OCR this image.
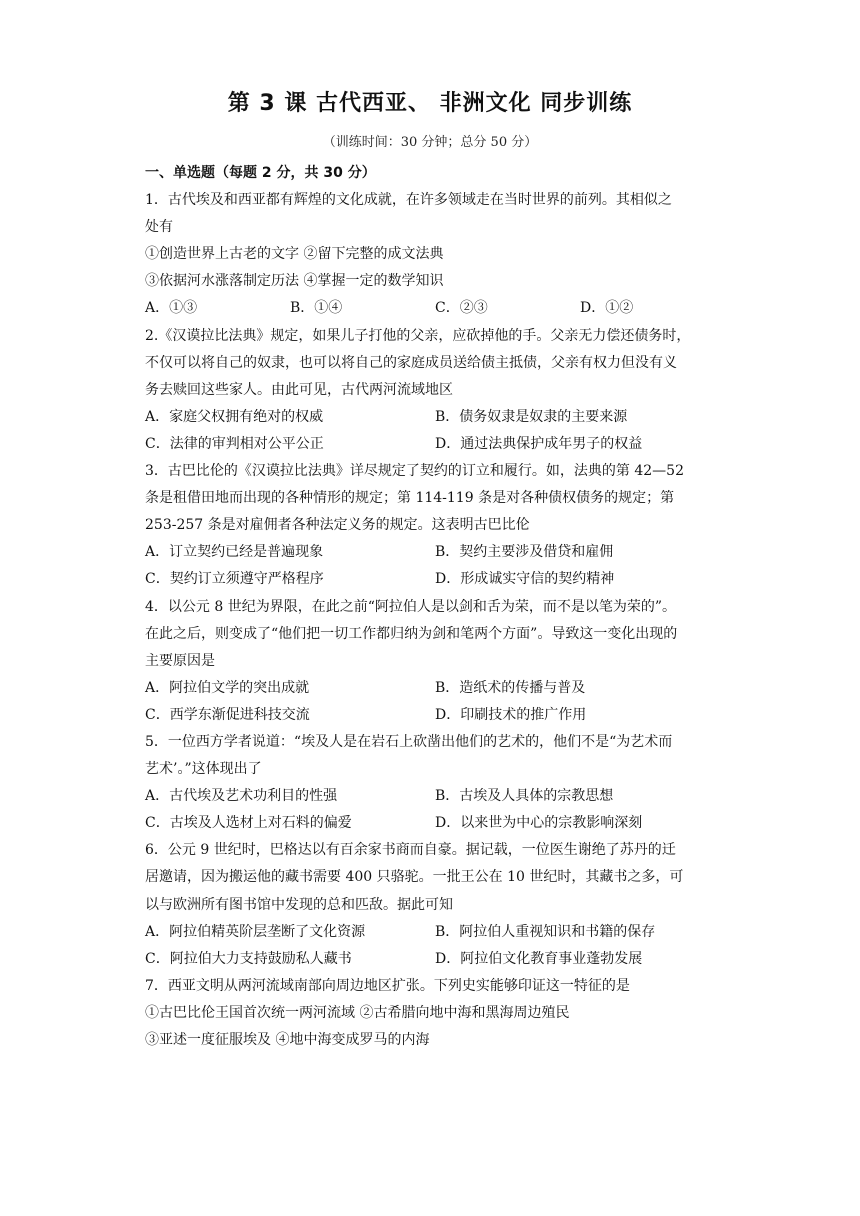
第 3 课 古代西亚、 非洲文化 同步训练
（训练时间：30 分钟；总分 50 分）
一、单选题（每题 2 分，共 30 分）
1．古代埃及和西亚都有辉煌的文化成就，在许多领域走在当时世界的前列。其相似之
处有
①创造世界上古老的文字 ②留下完整的成文法典
③依据河水涨落制定历法 ④掌握一定的数学知识
A．①③	B．①④	C．②③	D．①②
2.《汉谟拉比法典》规定，如果儿子打他的父亲，应砍掉他的手。父亲无力偿还债务时，
不仅可以将自己的奴隶，也可以将自己的家庭成员送给债主抵债，父亲有权力但没有义
务去赎回这些家人。由此可见，古代两河流域地区
A．家庭父权拥有绝对的权威	B．债务奴隶是奴隶的主要来源
C．法律的审判相对公平公正	D．通过法典保护成年男子的权益
3．古巴比伦的《汉谟拉比法典》详尽规定了契约的订立和履行。如，法典的第 42—52
条是租借田地而出现的各种情形的规定；第 114-119 条是对各种债权债务的规定；第
253-257 条是对雇佣者各种法定义务的规定。这表明古巴比伦
A．订立契约已经是普遍现象	B．契约主要涉及借贷和雇佣
C．契约订立须遵守严格程序	D．形成诚实守信的契约精神
4．以公元 8 世纪为界限，在此之前“阿拉伯人是以剑和舌为荣，而不是以笔为荣的”。
在此之后，则变成了“他们把一切工作都归纳为剑和笔两个方面”。导致这一变化出现的
主要原因是
A．阿拉伯文学的突出成就	B．造纸术的传播与普及
C．西学东渐促进科技交流	D．印刷技术的推广作用
5．一位西方学者说道：“埃及人是在岩石上砍凿出他们的艺术的，他们不是“为艺术而
艺术’。”这体现出了
A．古代埃及艺术功利目的性强	B．古埃及人具体的宗教思想
C．古埃及人选材上对石料的偏爱	D．以来世为中心的宗教影响深刻
6．公元 9 世纪时，巴格达以有百余家书商而自豪。据记载，一位医生谢绝了苏丹的迁
居邀请，因为搬运他的藏书需要 400 只骆驼。一批王公在 10 世纪时，其藏书之多，可
以与欧洲所有图书馆中发现的总和匹敌。据此可知
A．阿拉伯精英阶层垄断了文化资源	B．阿拉伯人重视知识和书籍的保存
C．阿拉伯大力支持鼓励私人藏书	D．阿拉伯文化教育事业蓬勃发展
7．西亚文明从两河流域南部向周边地区扩张。下列史实能够印证这一特征的是
①古巴比伦王国首次统一两河流域 ②古希腊向地中海和黑海周边殖民
③亚述一度征服埃及 ④地中海变成罗马的内海
